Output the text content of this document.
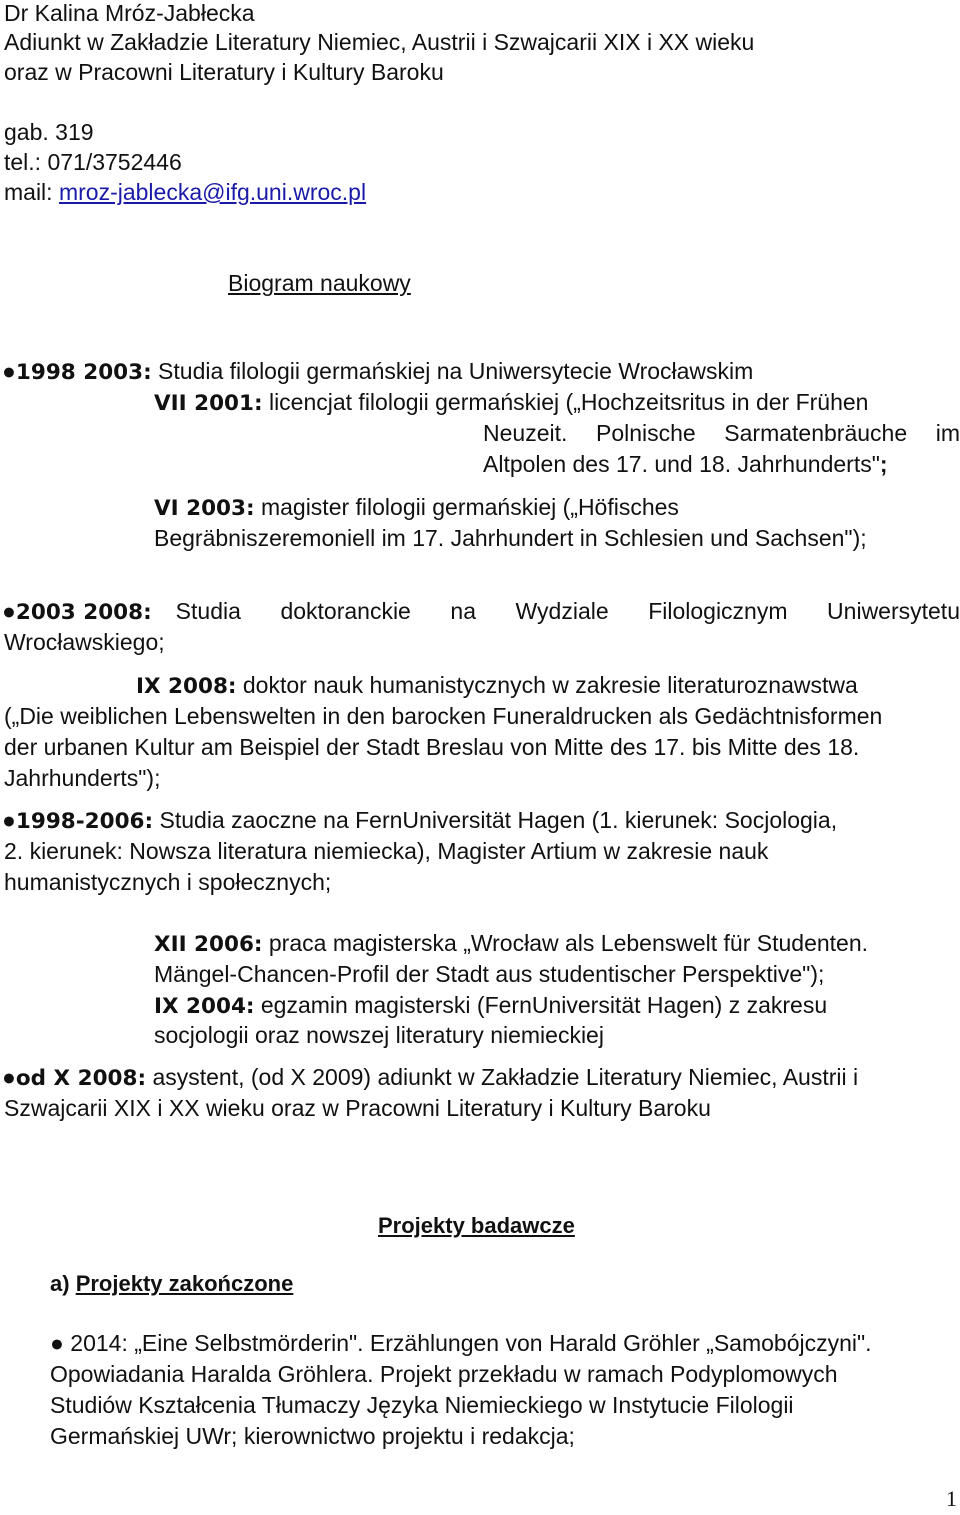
Dr Kalina Mróz-Jabłecka
Adiunkt w Zakładzie Literatury Niemiec, Austrii i Szwajcarii XIX i XX wieku
oraz w Pracowni Literatury i Kultury Baroku
gab. 319
tel.: 071/3752446
mail: mroz-jablecka@ifg.uni.wroc.pl
Biogram naukowy
●1998 2003: Studia filologii germańskiej na Uniwersytecie Wrocławskim
VII 2001: licencjat filologii germańskiej („Hochzeitsritus in der Frühen
Neuzeit. Polnische Sarmatenbräuche im
Altpolen des 17. und 18. Jahrhunderts";
VI 2003: magister filologii germańskiej („Höfisches
Begräbniszeremoniell im 17. Jahrhundert in Schlesien und Sachsen");
● 2003 2008:	Studia doktoranckie na Wydziale Filologicznym Uniwersytetu
Wrocławskiego;
IX 2008: doktor nauk humanistycznych w zakresie literaturoznawstwa
(„Die weiblichen Lebenswelten in den barocken Funeraldrucken als Gedächtnisformen
der urbanen Kultur am Beispiel der Stadt Breslau von Mitte des 17. bis Mitte des 18.
Jahrhunderts");
●1998-2006: Studia zaoczne na FernUniversität Hagen (1. kierunek: Socjologia,
2. kierunek: Nowsza literatura niemiecka), Magister Artium w zakresie nauk
humanistycznych i społecznych;
XII 2006: praca magisterska „Wrocław als Lebenswelt für Studenten.
Mängel-Chancen-Profil der Stadt aus studentischer Perspektive");
IX 2004: egzamin magisterski (FernUniversität Hagen) z zakresu
socjologii oraz nowszej literatury niemieckiej
●od X 2008: asystent, (od X 2009) adiunkt w Zakładzie Literatury Niemiec, Austrii i
Szwajcarii XIX i XX wieku oraz w Pracowni Literatury i Kultury Baroku
Projekty badawcze
a) Projekty zakończone
● 2014: „Eine Selbstmörderin". Erzählungen von Harald Gröhler „Samobójczyni".
Opowiadania Haralda Gröhlera. Projekt przekładu w ramach Podyplomowych
Studiów Kształcenia Tłumaczy Języka Niemieckiego w Instytucie Filologii
Germańskiej UWr; kierownictwo projektu i redakcja;
1
